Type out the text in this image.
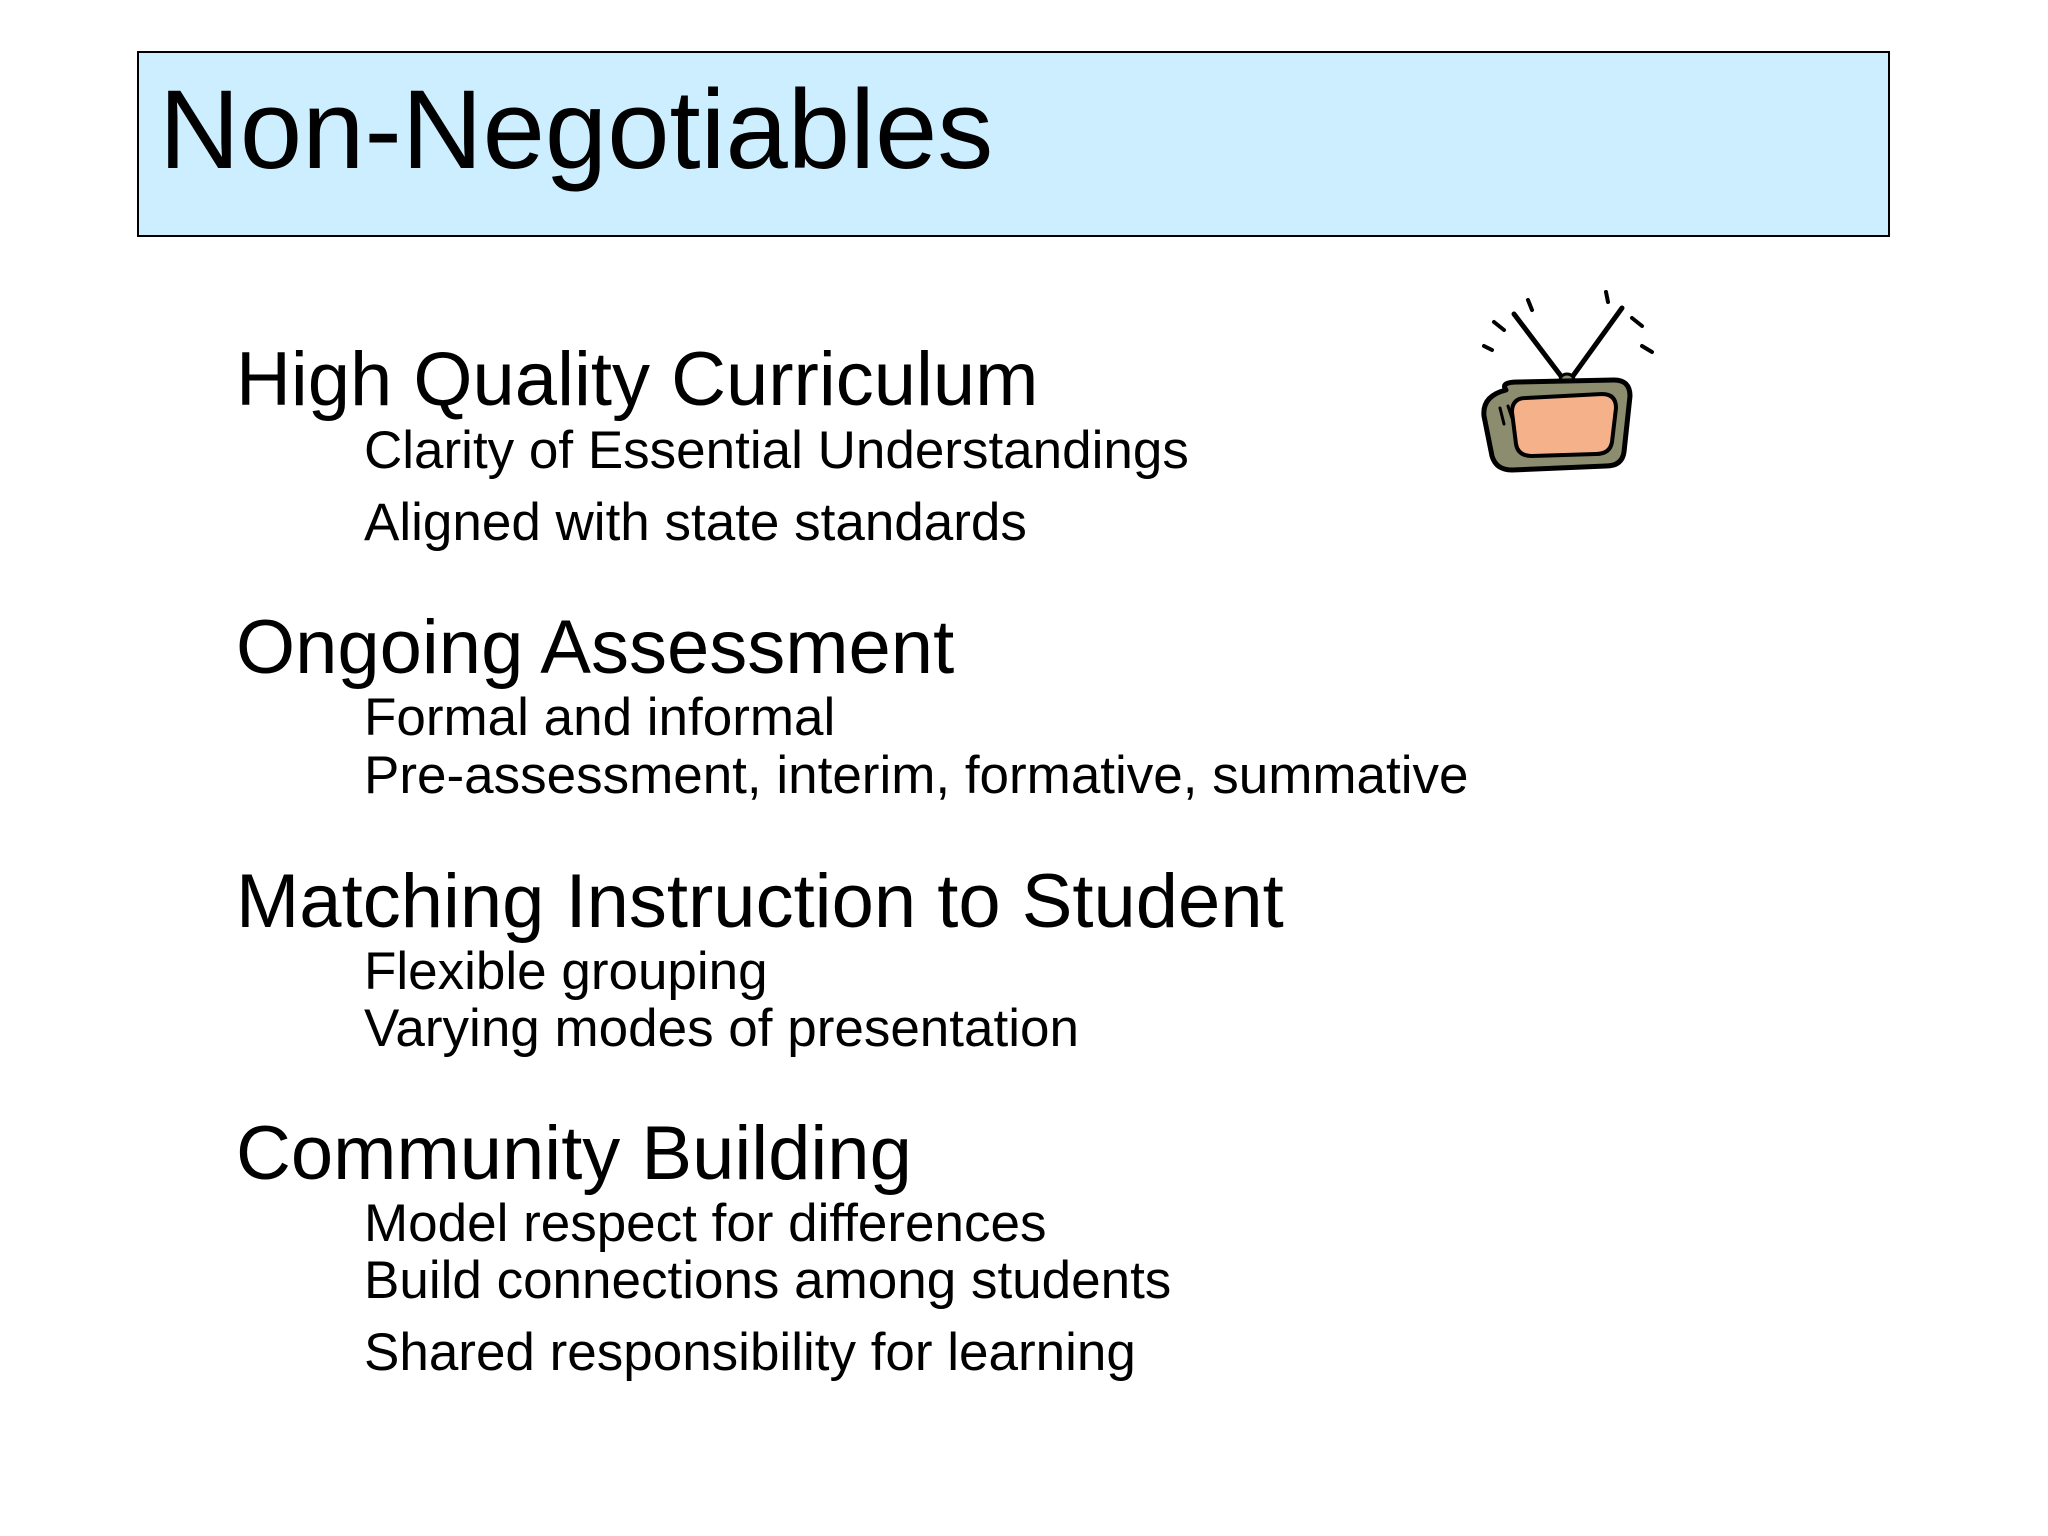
Non-Negotiables
High Quality Curriculum
Clarity of Essential Understandings
Aligned with state standards
Ongoing Assessment
Formal and informal
Pre-assessment, interim, formative, summative
Matching Instruction to Student
Flexible grouping
Varying modes of presentation
Community Building
Model respect for differences
Build connections among students
Shared responsibility for learning
